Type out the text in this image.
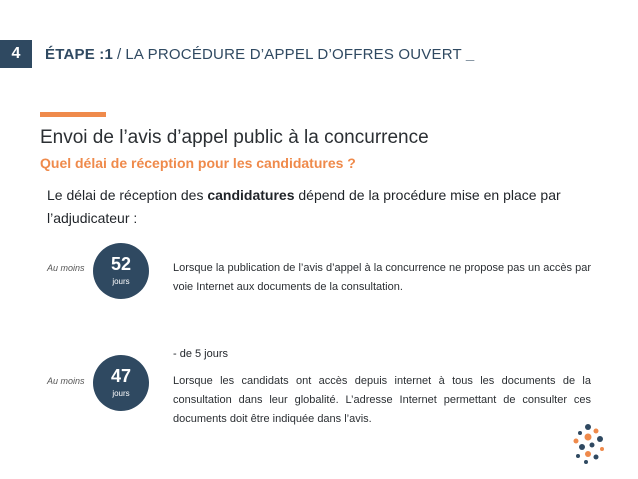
4 ÉTAPE :1 / LA PROCÉDURE D’APPEL D’OFFRES OUVERT _
Envoi de l’avis d’appel public à la concurrence
Quel délai de réception pour les candidatures ?
Le délai de réception des candidatures dépend de la procédure mise en place par l’adjudicateur :
Au moins	52
jours
Lorsque la publication de l’avis d’appel à la concurrence ne propose pas un accès par voie Internet aux documents de la consultation.
- de 5 jours
Au moins	47
jours
Lorsque les candidats ont accès depuis internet à tous les documents de la consultation dans leur globalité. L’adresse Internet permettant de consulter ces documents doit être indiquée dans l’avis.
